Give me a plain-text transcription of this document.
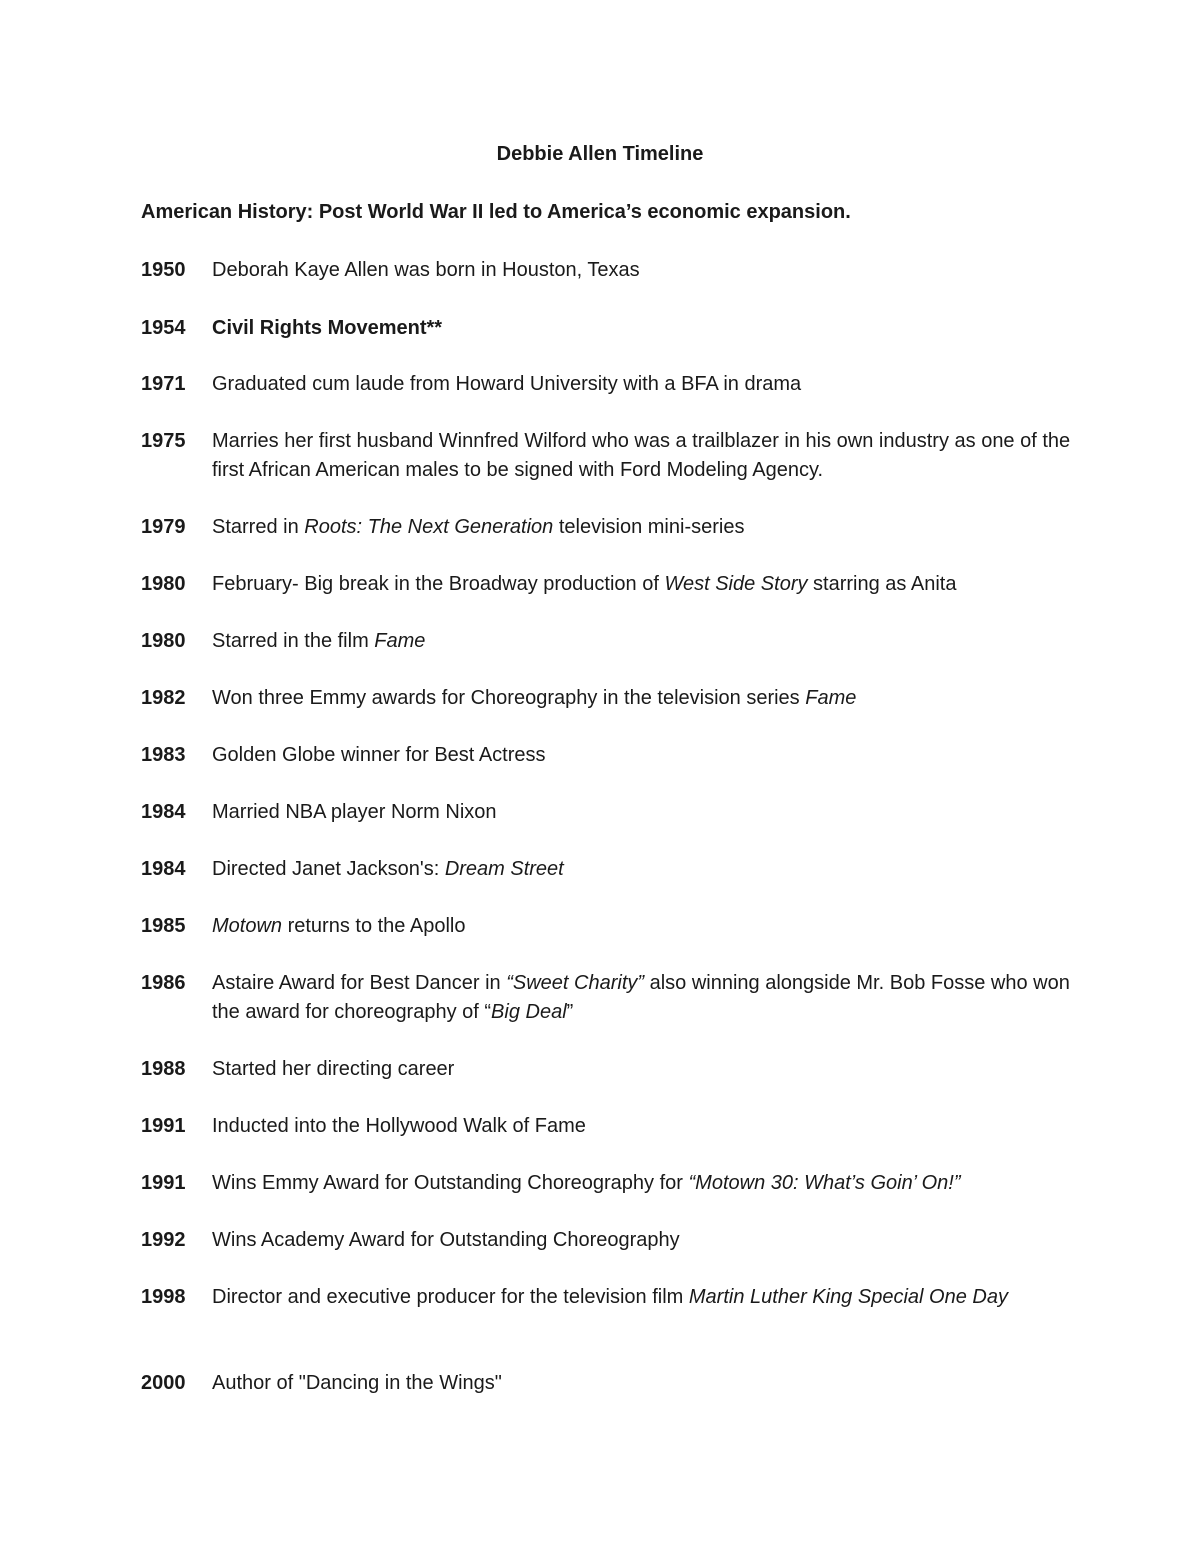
Debbie Allen Timeline
American History: Post World War II led to America’s economic expansion.
1950 Deborah Kaye Allen was born in Houston, Texas
1954 Civil Rights Movement**
1971 Graduated cum laude from Howard University with a BFA in drama
1975 Marries her first husband Winnfred Wilford who was a trailblazer in his own industry as one of the first African American males to be signed with Ford Modeling Agency.
1979 Starred in Roots: The Next Generation television mini-series
1980 February- Big break in the Broadway production of West Side Story starring as Anita
1980 Starred in the film Fame
1982 Won three Emmy awards for Choreography in the television series Fame
1983 Golden Globe winner for Best Actress
1984 Married NBA player Norm Nixon
1984 Directed Janet Jackson's: Dream Street
1985 Motown returns to the Apollo
1986 Astaire Award for Best Dancer in “Sweet Charity” also winning alongside Mr. Bob Fosse who won the award for choreography of “Big Deal”
1988 Started her directing career
1991 Inducted into the Hollywood Walk of Fame
1991 Wins Emmy Award for Outstanding Choreography for “Motown 30: What’s Goin’ On!”
1992 Wins Academy Award for Outstanding Choreography
1998 Director and executive producer for the television film Martin Luther King Special One Day
2000 Author of "Dancing in the Wings"
